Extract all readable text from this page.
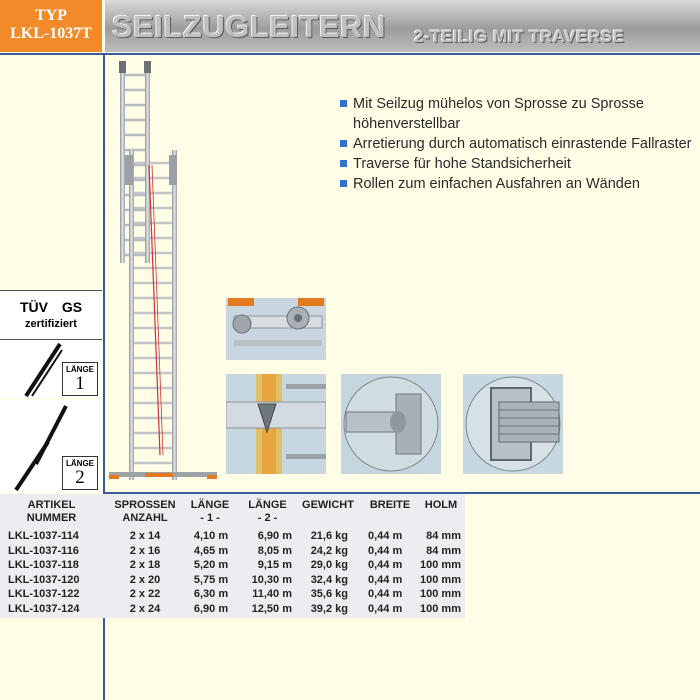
TYP
LKL-1037T SEILZUGLEITERN 2-TEILIG MIT TRAVERSE
Mit Seilzug mühelos von Sprosse zu Sprosse höhenverstellbar
Arretierung durch automatisch einrastende Fallraster
Traverse für hohe Standsicherheit
Rollen zum einfachen Ausfahren an Wänden
TÜV GS
zertifiziert
LÄNGE
1
LÄNGE
2
ARTIKEL
NUMMER
SPROSSEN
ANZAHL
LÄNGE
- 1 -
LÄNGE
- 2 -
GEWICHT	BREITE	HOLM
LKL-1037-114	2 x 14	4,10 m	6,90 m	21,6 kg 0,44 m	84 mm
LKL-1037-116	2 x 16	4,65 m	8,05 m	24,2 kg 0,44 m	84 mm
LKL-1037-118	2 x 18	5,20 m	9,15 m	29,0 kg 0,44 m	100 mm
LKL-1037-120	2 x 20	5,75 m	10,30 m	32,4 kg 0,44 m	100 mm
LKL-1037-122	2 x 22	6,30 m	11,40 m	35,6 kg 0,44 m	100 mm
LKL-1037-124	2 x 24	6,90 m	12,50 m	39,2 kg 0,44 m	100 mm
